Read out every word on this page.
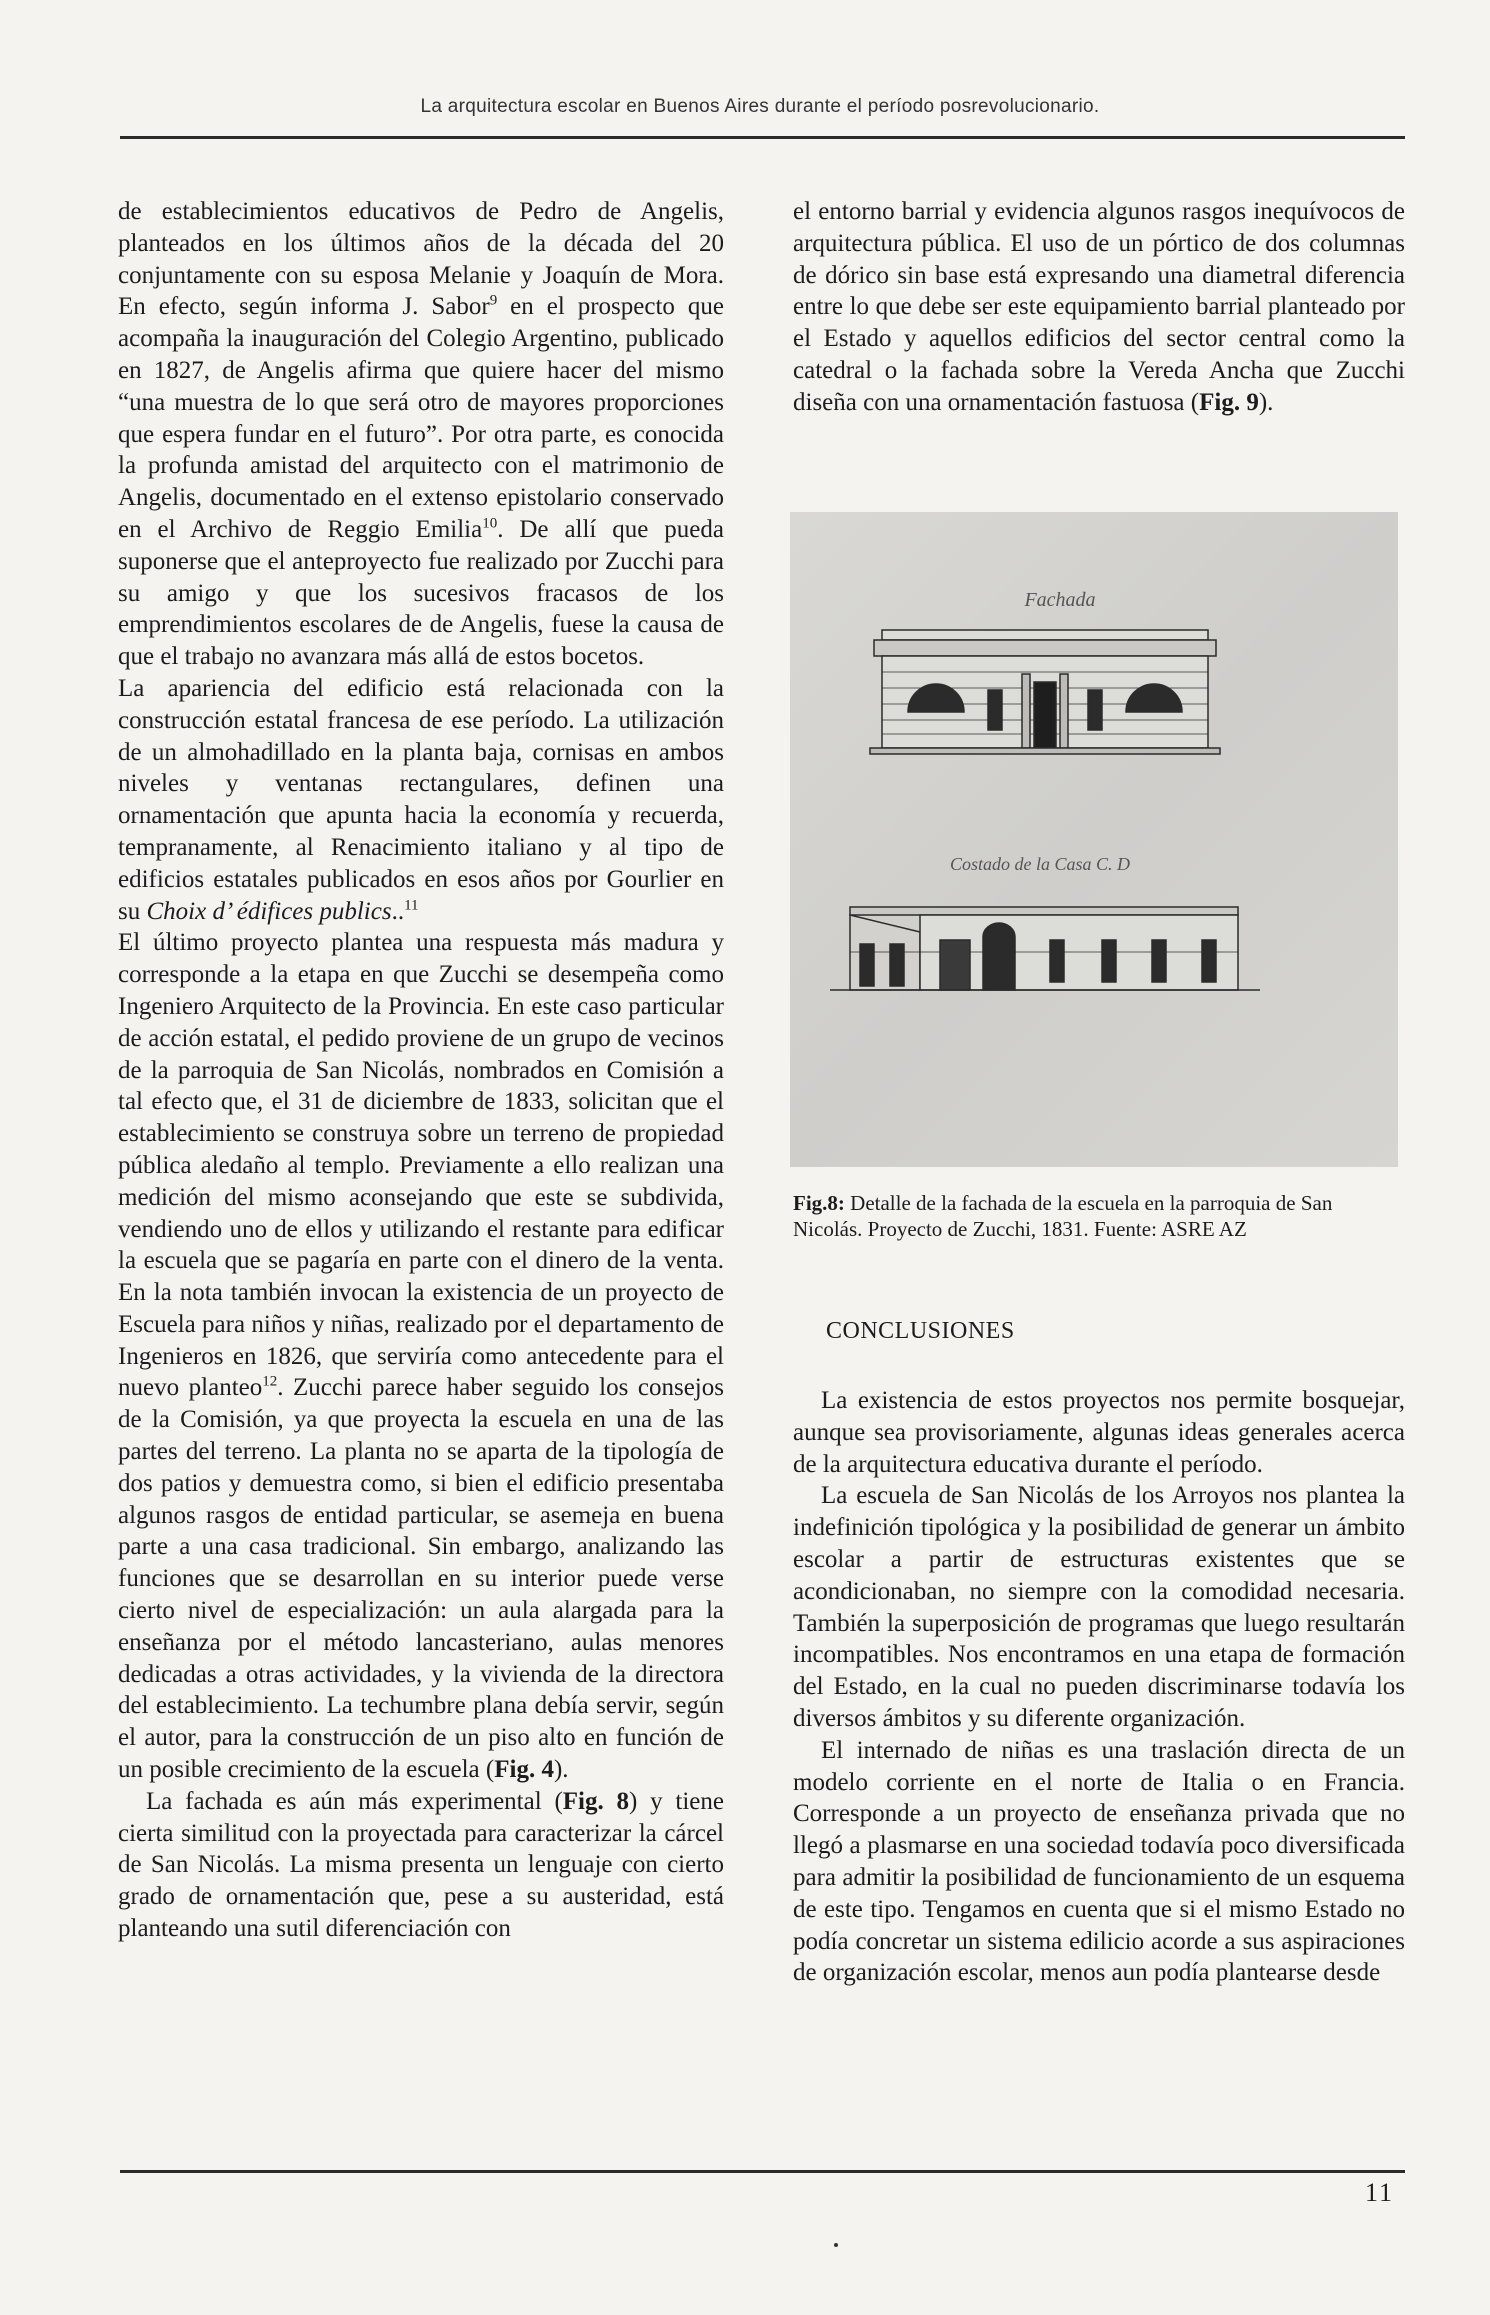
La arquitectura escolar en Buenos Aires durante el período posrevolucionario.

de establecimientos educativos de Pedro de Angelis, planteados en los últimos años de la década del 20 conjuntamente con su esposa Melanie y Joaquín de Mora. En efecto, según informa J. Sabor$^9$ en el prospecto que acompaña la inauguración del Colegio Argentino, publicado en 1827, de Angelis afirma que quiere hacer del mismo “una muestra de lo que será otro de mayores proporciones que espera fundar en el futuro”. Por otra parte, es conocida la profunda amistad del arquitecto con el matrimonio de Angelis, documentado en el extenso epistolario conservado en el Archivo de Reggio Emilia$^{10}$. De allí que pueda suponerse que el anteproyecto fue realizado por Zucchi para su amigo y que los sucesivos fracasos de los emprendimientos escolares de de Angelis, fuese la causa de que el trabajo no avanzara más allá de estos bocetos.

La apariencia del edificio está relacionada con la construcción estatal francesa de ese período. La utilización de un almohadillado en la planta baja, cornisas en ambos niveles y ventanas rectangulares, definen una ornamentación que apunta hacia la economía y recuerda, tempranamente, al Renacimiento italiano y al tipo de edificios estatales publicados en esos años por Gourlier en su Choix d’ édifices publics..$^{11}$

El último proyecto plantea una respuesta más madura y corresponde a la etapa en que Zucchi se desempeña como Ingeniero Arquitecto de la Provincia. En este caso particular de acción estatal, el pedido proviene de un grupo de vecinos de la parroquia de San Nicolás, nombrados en Comisión a tal efecto que, el 31 de diciembre de 1833, solicitan que el establecimiento se construya sobre un terreno de propiedad pública aledaño al templo. Previamente a ello realizan una medición del mismo aconsejando que este se subdivida, vendiendo uno de ellos y utilizando el restante para edificar la escuela que se pagaría en parte con el dinero de la venta. En la nota también invocan la existencia de un proyecto de Escuela para niños y niñas, realizado por el departamento de Ingenieros en 1826, que serviría como antecedente para el nuevo planteo$^{12}$. Zucchi parece haber seguido los consejos de la Comisión, ya que proyecta la escuela en una de las partes del terreno. La planta no se aparta de la tipología de dos patios y demuestra como, si bien el edificio presentaba algunos rasgos de entidad particular, se asemeja en buena parte a una casa tradicional. Sin embargo, analizando las funciones que se desarrollan en su interior puede verse cierto nivel de especialización: un aula alargada para la enseñanza por el método lancasteriano, aulas menores dedicadas a otras actividades, y la vivienda de la directora del establecimiento. La techumbre plana debía servir, según el autor, para la construcción de un piso alto en función de un posible crecimiento de la escuela (Fig. 4).

La fachada es aún más experimental (Fig. 8) y tiene cierta similitud con la proyectada para caracterizar la cárcel de San Nicolás. La misma presenta un lenguaje con cierto grado de ornamentación que, pese a su austeridad, está planteando una sutil diferenciación con

el entorno barrial y evidencia algunos rasgos inequívocos de arquitectura pública. El uso de un pórtico de dos columnas de dórico sin base está expresando una diametral diferencia entre lo que debe ser este equipamiento barrial planteado por el Estado y aquellos edificios del sector central como la catedral o la fachada sobre la Vereda Ancha que Zucchi diseña con una ornamentación fastuosa (Fig. 9).

Fachada
Costado de la Casa C. D
Fig.8: Detalle de la fachada de la escuela en la parroquia de San Nicolás. Proyecto de Zucchi, 1831. Fuente: ASRE AZ
CONCLUSIONES

La existencia de estos proyectos nos permite bosquejar, aunque sea provisoriamente, algunas ideas generales acerca de la arquitectura educativa durante el período.

La escuela de San Nicolás de los Arroyos nos plantea la indefinición tipológica y la posibilidad de generar un ámbito escolar a partir de estructuras existentes que se acondicionaban, no siempre con la comodidad necesaria. También la superposición de programas que luego resultarán incompatibles. Nos encontramos en una etapa de formación del Estado, en la cual no pueden discriminarse todavía los diversos ámbitos y su diferente organización.

El internado de niñas es una traslación directa de un modelo corriente en el norte de Italia o en Francia. Corresponde a un proyecto de enseñanza privada que no llegó a plasmarse en una sociedad todavía poco diversificada para admitir la posibilidad de funcionamiento de un esquema de este tipo. Tengamos en cuenta que si el mismo Estado no podía concretar un sistema edilicio acorde a sus aspiraciones de organización escolar, menos aun podía plantearse desde

11
